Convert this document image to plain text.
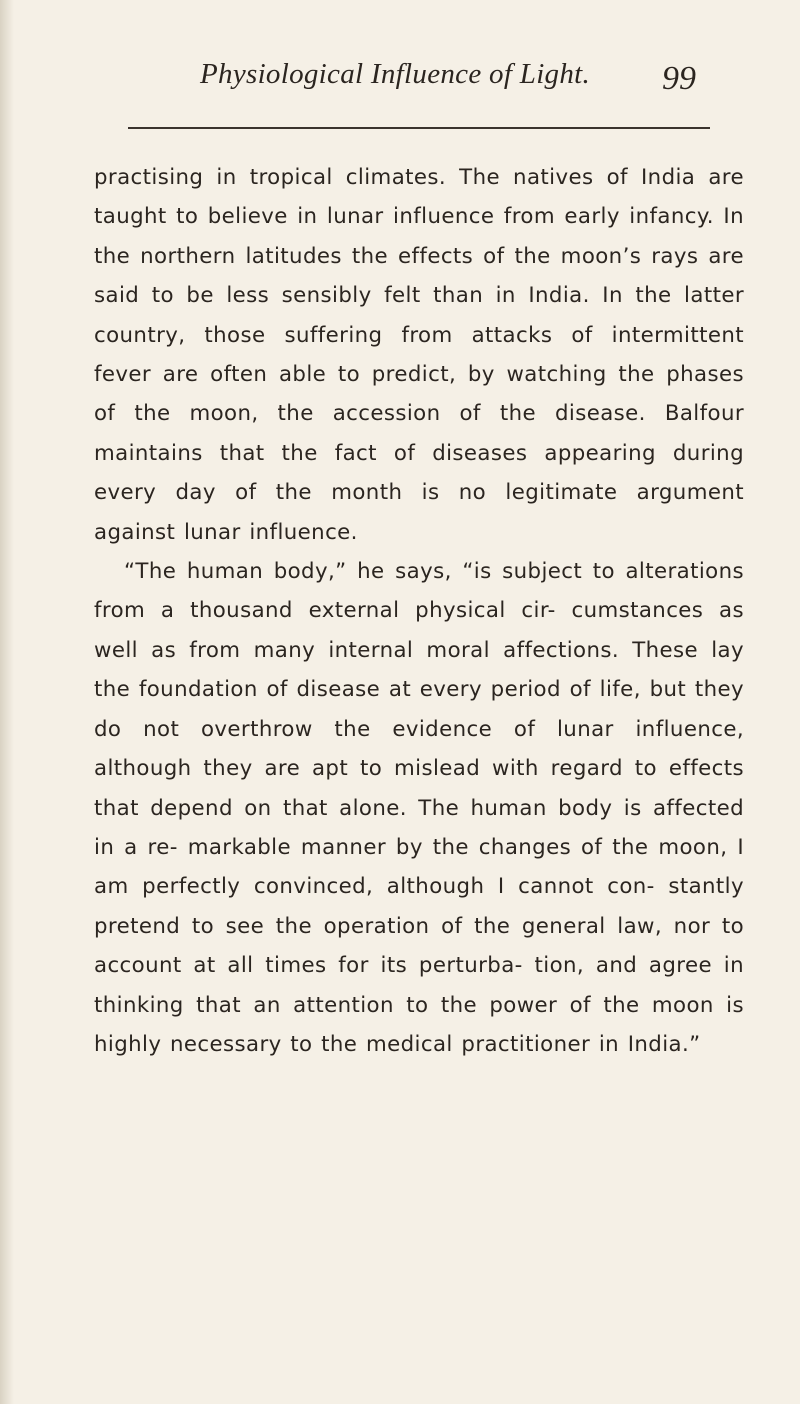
Physiological Influence of Light.	99

practising in tropical climates. The natives of India are taught to believe in lunar influence from early infancy. In the northern latitudes the effects of the moon’s rays are said to be less sensibly felt than in India. In the latter country, those suffering from attacks of intermittent fever are often able to predict, by watching the phases of the moon, the accession of the disease. Balfour maintains that the fact of diseases appearing during every day of the month is no legitimate argument against lunar influence.

“The human body,” he says, “is subject to alterations from a thousand external physical cir- cumstances as well as from many internal moral affections. These lay the foundation of disease at every period of life, but they do not overthrow the evidence of lunar influence, although they are apt to mislead with regard to effects that depend on that alone. The human body is affected in a re- markable manner by the changes of the moon, I am perfectly convinced, although I cannot con- stantly pretend to see the operation of the general law, nor to account at all times for its perturba- tion, and agree in thinking that an attention to the power of the moon is highly necessary to the medical practitioner in India.”
